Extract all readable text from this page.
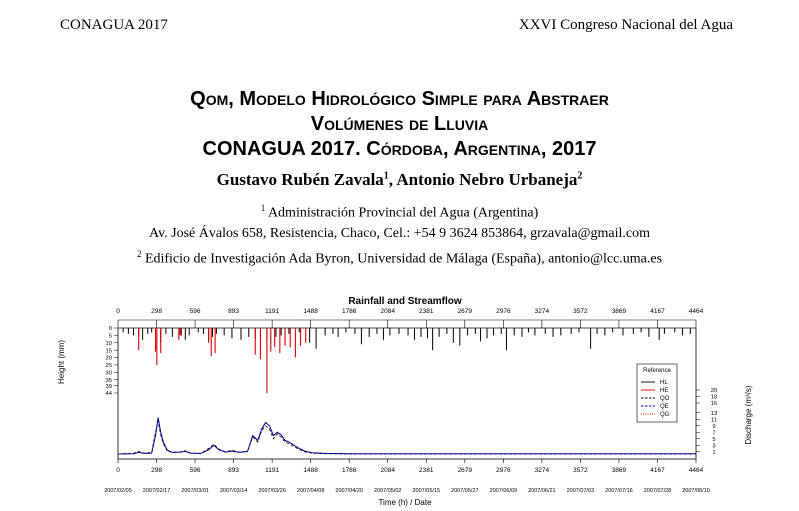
CONAGUA 2017	XXVI Congreso Nacional del Agua
Qom, Modelo Hidrológico Simple para Abstraer
Volúmenes de Lluvia
CONAGUA 2017. Córdoba, Argentina, 2017
Gustavo Rubén Zavala$^1$, Antonio Nebro Urbaneja$^2$
$^1$ Administración Provincial del Agua (Argentina)
Av. José Ávalos 658, Resistencia, Chaco, Cel.: +54 9 3624 853864, grzavala@gmail.com
$^2$ Edificio de Investigación Ada Byron, Universidad de Málaga (España), antonio@lcc.uma.es
Rainfall and Streamflow
0	298	596	893	1191	1488	1786	2084	2381	2679	2976	3274	3572	3869	4167	4464
0
2007/02/05
298
2007/02/17
596
2007/03/01
893
2007/03/14
1191
2007/03/26
1488
2007/04/08
1786
2007/04/20
2084
2007/05/02
2381
2007/05/15
2679
2007/05/27
2976
2007/06/09
3274
2007/06/21
3572
2007/07/03
3869
2007/07/16
4167
2007/07/28
4464
2007/08/10
0
5
10
15
20
25
30
35
39
44
1
3
5
7
9
11
13
16
18
20
Height (mm)
Discharge (m³/s)
Time (h) / Date
Reference
HL
HE
QO
QE
QG
